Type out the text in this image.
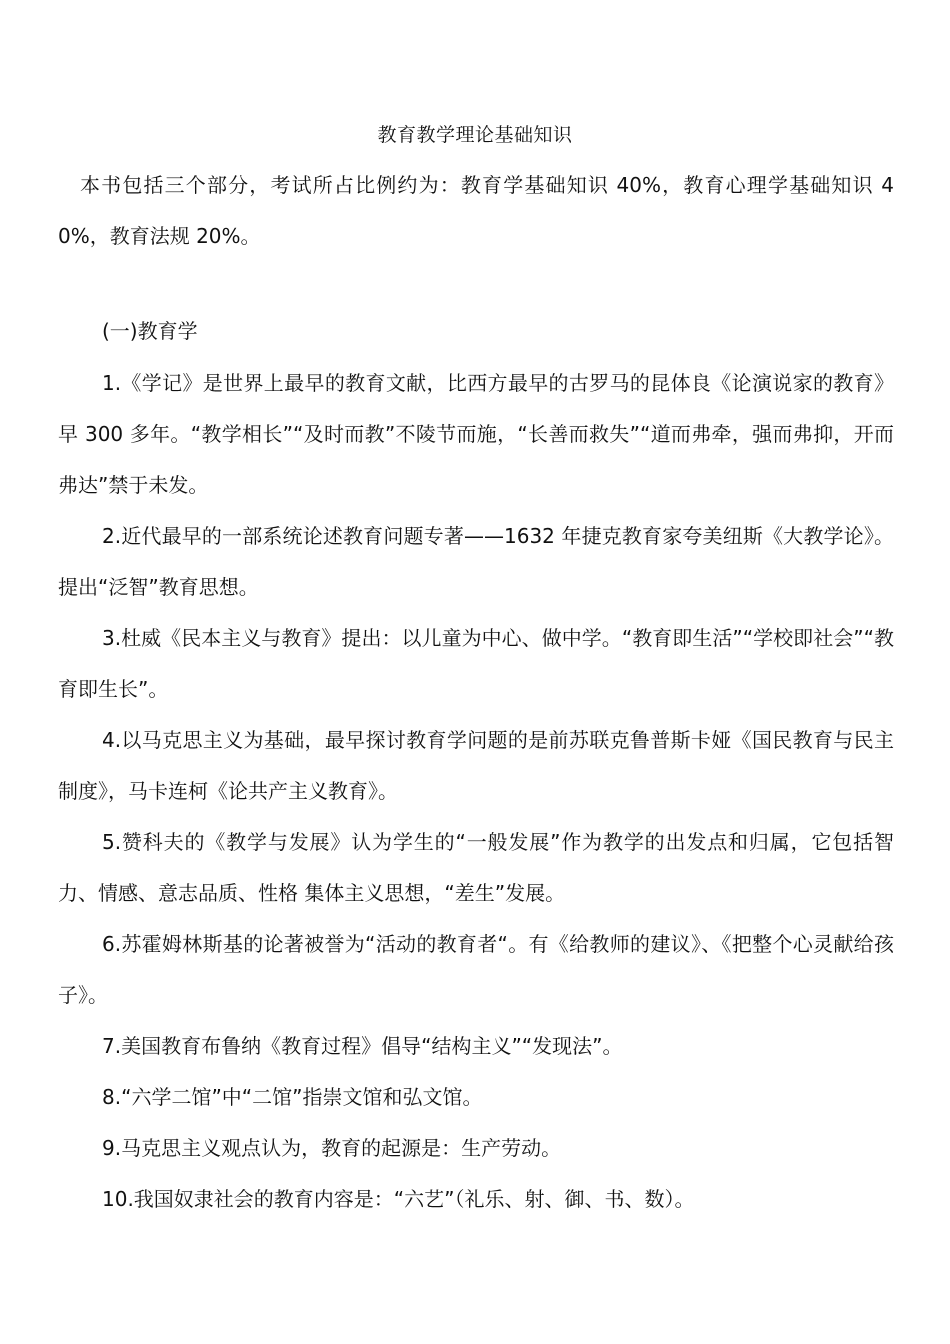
教育教学理论基础知识

本书包括三个部分，考试所占比例约为：教育学基础知识 40%，教育心理学基础知识 40%，教育法规 20%。

(一)教育学

1.《学记》是世界上最早的教育文献，比西方最早的古罗马的昆体良《论演说家的教育》早 300 多年。“教学相长”“及时而教”不陵节而施，“长善而救失”“道而弗牵，强而弗抑，开而弗达”禁于未发。

2.近代最早的一部系统论述教育问题专著——1632 年捷克教育家夸美纽斯《大教学论》。提出“泛智”教育思想。

3.杜威《民本主义与教育》提出：以儿童为中心、做中学。“教育即生活”“学校即社会”“教育即生长”。

4.以马克思主义为基础，最早探讨教育学问题的是前苏联克鲁普斯卡娅《国民教育与民主制度》，马卡连柯《论共产主义教育》。

5.赞科夫的《教学与发展》认为学生的“一般发展”作为教学的出发点和归属，它包括智力、情感、意志品质、性格 集体主义思想，“差生”发展。

6.苏霍姆林斯基的论著被誉为“活动的教育者“。有《给教师的建议》、《把整个心灵献给孩子》。

7.美国教育布鲁纳《教育过程》倡导“结构主义”“发现法”。

8.“六学二馆”中“二馆”指崇文馆和弘文馆。

9.马克思主义观点认为，教育的起源是：生产劳动。

10.我国奴隶社会的教育内容是：“六艺”（礼乐、射、御、书、数）。
